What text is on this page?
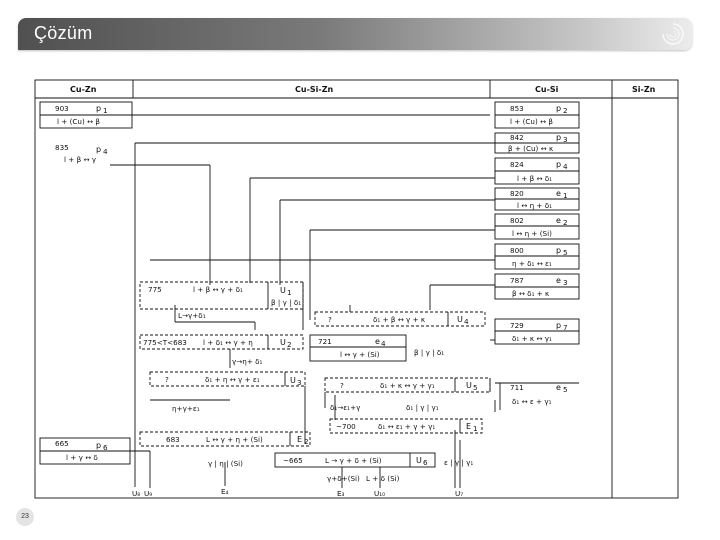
Çözüm
Cu-Zn	Cu-Si-Zn	Cu-Si	Si-Zn
903	p 1
l + (Cu) ↔ β
835	p 4
l + β ↔ γ
665	p 6
l + γ ↔ δ
853	p 2
l + (Cu) ↔ β
842	p 3
β + (Cu) ↔ κ
824	p 4
l + β ↔ δ₁
820	e 1
l ↔ η + δ₁
802	e 2
l ↔ η + (Si)
800	p 5
η + δ₁ ↔ ε₁
787	e 3
β ↔ δ₁ + κ
729	p 7
δ₁ + κ ↔ γ₁
711	e 5
δ₁ ↔ ε + γ₁
775	l + β ↔ γ + δ₁	U 1
β | γ | δ₁
L→γ+δ₁	?	δ₁ + β ↔ γ + κ	U 4
775<T<683 l + δ₁ ↔ γ + η	U 2	721	e 4
l ↔ γ + (Si)	β | γ | δ₁
γ→η+ δ₁
?	δ₁ + η ↔ γ + ε₁	U 3	?	δ₁ + κ ↔ γ + γ₁	U 5
η+γ+ε₁	δ₁→ε₁+γ	δ₁ | γ | γ₁
~700	δ₁ ↔ ε₁ + γ + γ₁	E 1
683	L ↔ γ + η + (Si)	E 2
~665	L → γ + δ + (Si)	U 6 ε | γ | γ₁
γ | η | (Si)
γ+δ+(Si) L + δ (Si)
U₈ U₉	E₄	E₃	U₁₀	U₇
23
